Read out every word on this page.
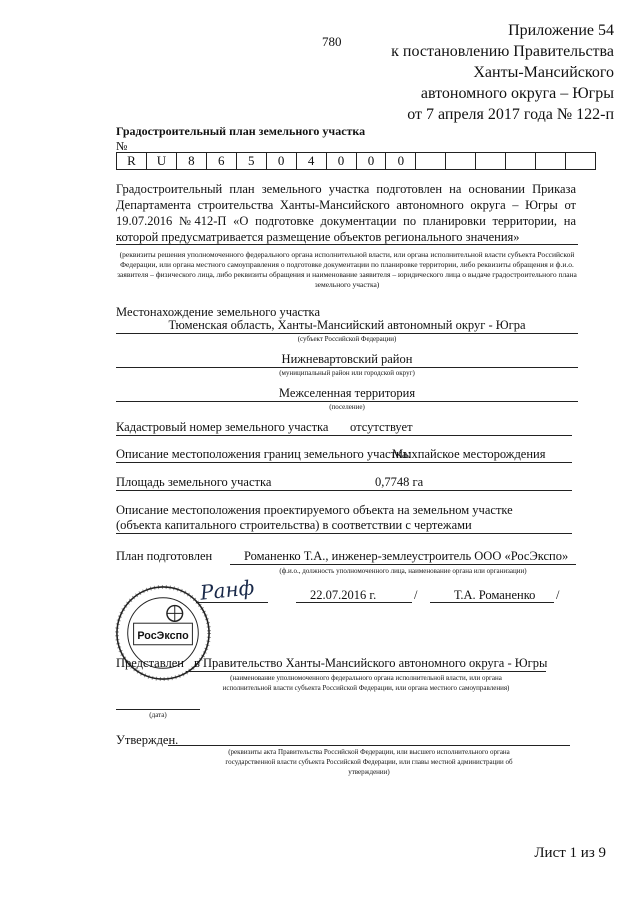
780
Приложение 54
к постановлению Правительства
Ханты-Мансийского
автономного округа – Югры
от 7 апреля 2017 года № 122-п
Градостроительный план земельного участка
№
R	U	8	6	5	0	4	0	0	0
Градостроительный план земельного участка подготовлен на основании Приказа Департамента строительства Ханты-Мансийского автономного округа – Югры от 19.07.2016 №412-П «О подготовке документации по планировки территории, на которой предусматривается размещение объектов регионального значения»
(реквизиты решения уполномоченного федерального органа исполнительной власти, или органа исполнительной власти субъекта Российской Федерации, или органа местного самоуправления о подготовке документации по планировке территории, либо реквизиты обращения и ф.и.о. заявителя – физического лица, либо реквизиты обращения и наименование заявителя – юридического лица о выдаче градостроительного плана земельного участка)
Местонахождение земельного участка
Тюменская область, Ханты-Мансийский автономный округ - Югра
(субъект Российской Федерации)
Нижневартовский район
(муниципальный район или городской округ)
Межселенная территория
(поселение)
Кадастровый номер земельного участка отсутствует
Описание местоположения границ земельного участка:
Мыхпайское месторождения
Площадь земельного участка	0,7748 га
Описание местоположения проектируемого объекта на земельном участке
(объекта капитального строительства) в соответствии с чертежами
План подготовлен	Романенко Т.А., инженер-землеустроитель ООО «РосЭкспо»
(ф.и.о., должность уполномоченного лица, наименование органа или организации)
Ранф	22.07.2016 г.	/	Т.А. Романенко /
РосЭкспо
Представлен в Правительство Ханты-Мансийского автономного округа - Югры
(наименование уполномоченного федерального органа исполнительной власти, или органа
исполнительной власти субъекта Российской Федерации, или органа местного самоуправления)
(дата)
Утвержден.
(реквизиты акта Правительства Российской Федерации, или высшего исполнительного органа
государственной власти субъекта Российской Федерации, или главы местной администрации об
утверждении)
Лист 1 из 9
